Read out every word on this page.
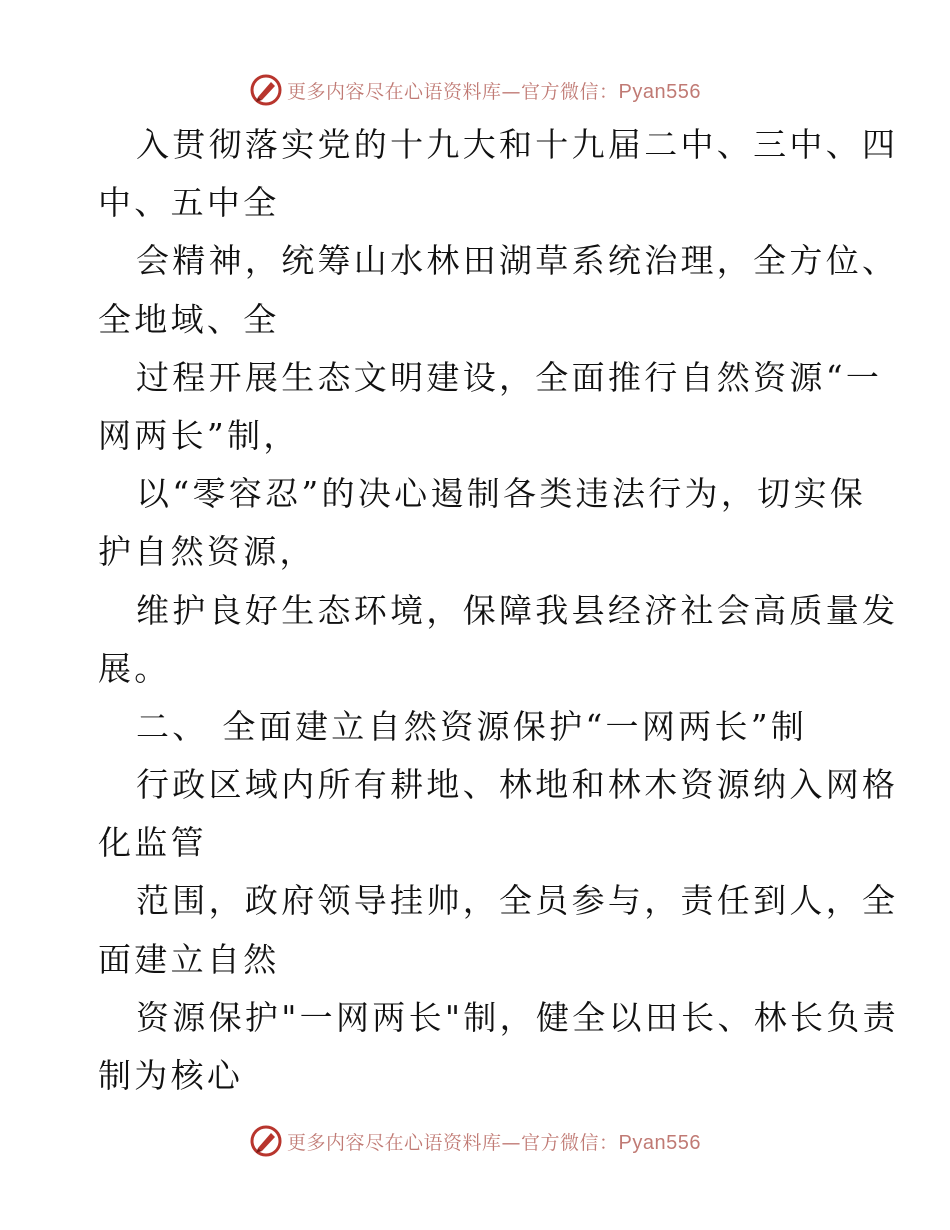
更多内容尽在心语资料库—官方微信：Pyan556
入贯彻落实党的十九大和十九届二中、三中、四
中、五中全
会精神，统筹山水林田湖草系统治理，全方位、
全地域、全
过程开展生态文明建设，全面推行自然资源“一
网两长”制，
以“零容忍”的决心遏制各类违法行为，切实保
护自然资源，
维护良好生态环境，保障我县经济社会高质量发
展。
二、 全面建立自然资源保护“一网两长”制
行政区域内所有耕地、林地和林木资源纳入网格
化监管
范围，政府领导挂帅，全员参与，责任到人，全
面建立自然
资源保护"一网两长"制，健全以田长、林长负责
制为核心
更多内容尽在心语资料库—官方微信：Pyan556
